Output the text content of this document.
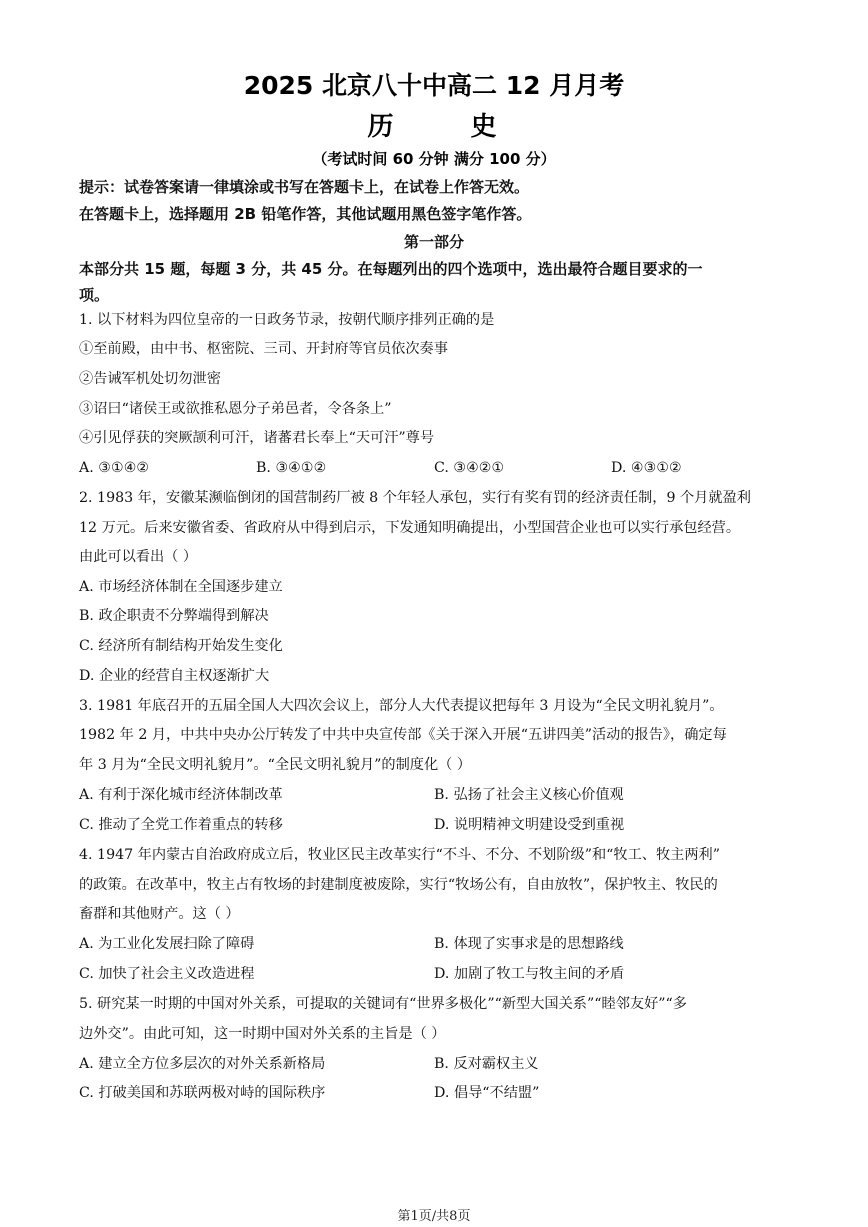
2025 北京八十中高二 12 月月考
历 史
（考试时间 60 分钟 满分 100 分）
提示：试卷答案请一律填涂或书写在答题卡上，在试卷上作答无效。
在答题卡上，选择题用 2B 铅笔作答，其他试题用黑色签字笔作答。
第一部分
本部分共 15 题，每题 3 分，共 45 分。在每题列出的四个选项中，选出最符合题目要求的一
项。
1. 以下材料为四位皇帝的一日政务节录，按朝代顺序排列正确的是
①至前殿，由中书、枢密院、三司、开封府等官员依次奏事
②告诫军机处切勿泄密
③诏曰“诸侯王或欲推私恩分子弟邑者，令各条上”
④引见俘获的突厥颉利可汗，诸蕃君长奉上“天可汗”尊号
A. ③①④②	B. ③④①②	C. ③④②①	D. ④③①②
2. 1983 年，安徽某濒临倒闭的国营制药厂被 8 个年轻人承包，实行有奖有罚的经济责任制，9 个月就盈利
12 万元。后来安徽省委、省政府从中得到启示，下发通知明确提出，小型国营企业也可以实行承包经营。
由此可以看出（ ）
A. 市场经济体制在全国逐步建立
B. 政企职责不分弊端得到解决
C. 经济所有制结构开始发生变化
D. 企业的经营自主权逐渐扩大
3. 1981 年底召开的五届全国人大四次会议上，部分人大代表提议把每年 3 月设为“全民文明礼貌月”。
1982 年 2 月，中共中央办公厅转发了中共中央宣传部《关于深入开展“五讲四美”活动的报告》，确定每
年 3 月为“全民文明礼貌月”。“全民文明礼貌月”的制度化（ ）
A. 有利于深化城市经济体制改革	B. 弘扬了社会主义核心价值观
C. 推动了全党工作着重点的转移	D. 说明精神文明建设受到重视
4. 1947 年内蒙古自治政府成立后，牧业区民主改革实行“不斗、不分、不划阶级”和“牧工、牧主两利”
的政策。在改革中，牧主占有牧场的封建制度被废除，实行“牧场公有，自由放牧”，保护牧主、牧民的
畜群和其他财产。这（ ）
A. 为工业化发展扫除了障碍	B. 体现了实事求是的思想路线
C. 加快了社会主义改造进程	D. 加剧了牧工与牧主间的矛盾
5. 研究某一时期的中国对外关系，可提取的关键词有“世界多极化”“新型大国关系”“睦邻友好”“多
边外交”。由此可知，这一时期中国对外关系的主旨是（ ）
A. 建立全方位多层次的对外关系新格局	B. 反对霸权主义
C. 打破美国和苏联两极对峙的国际秩序	D. 倡导“不结盟”
第1页/共8页
